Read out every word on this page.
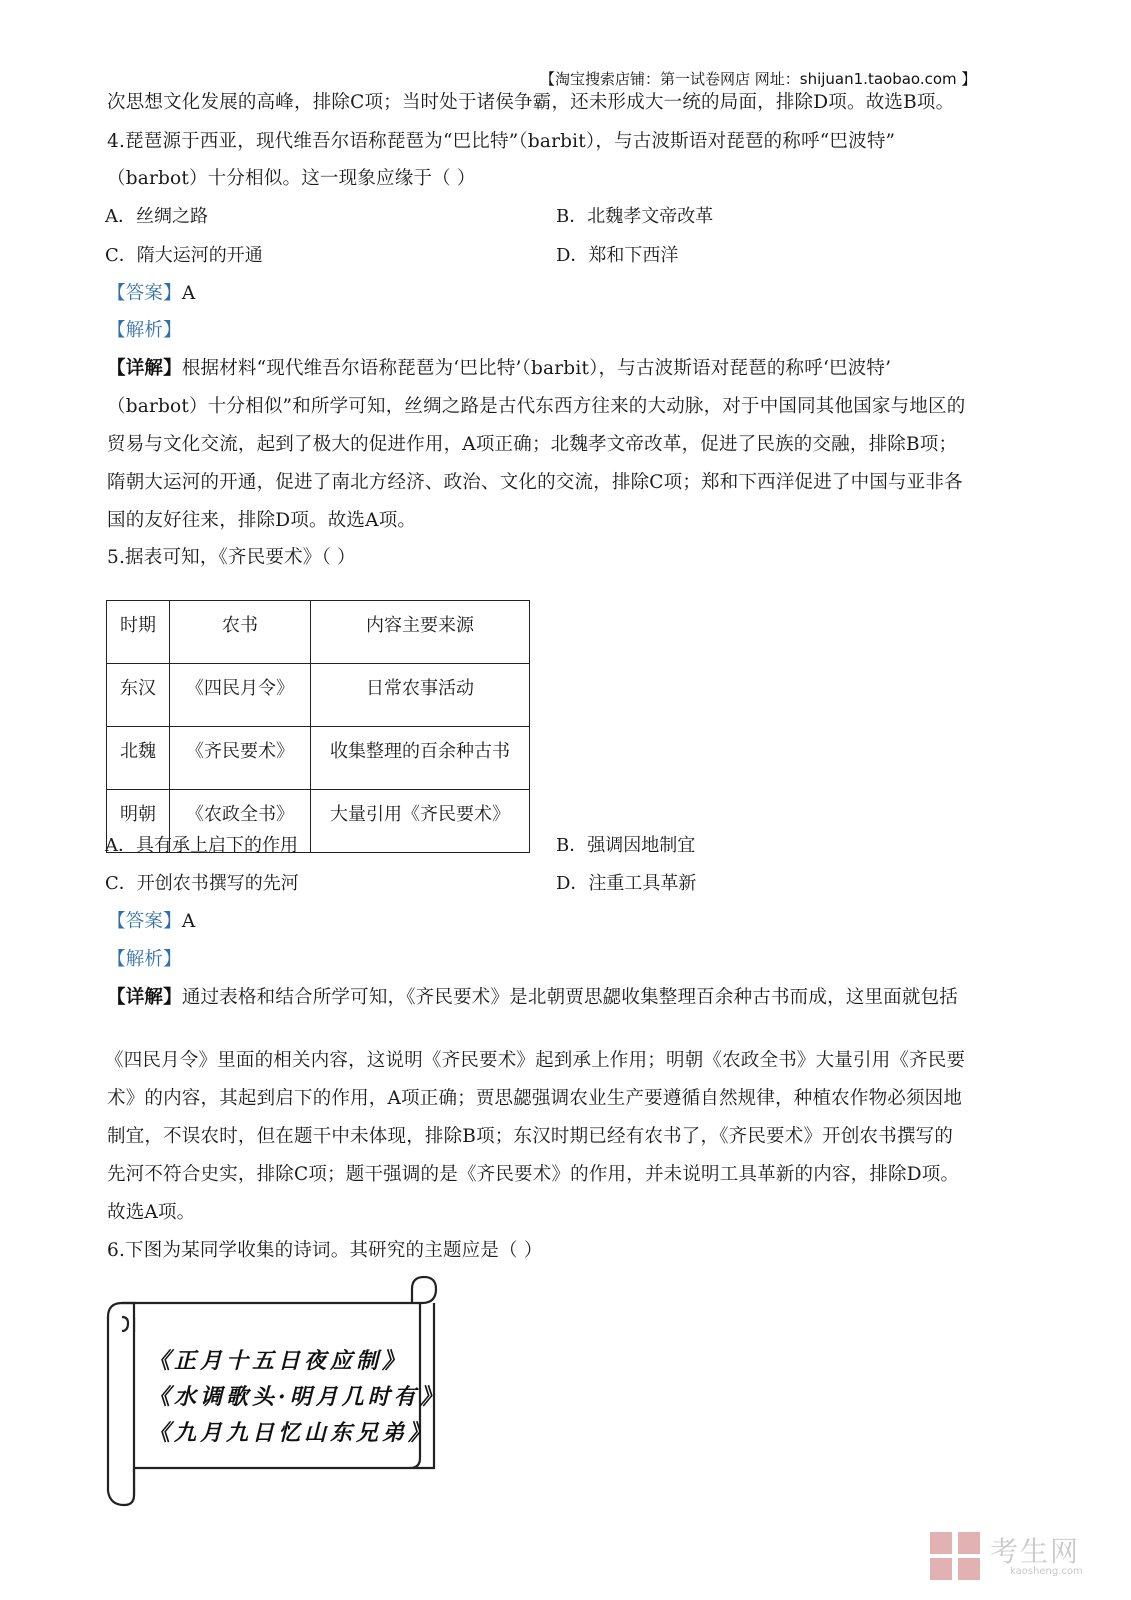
【淘宝搜索店铺：第一试卷网店 网址：shijuan1.taobao.com 】
次思想文化发展的高峰，排除C项；当时处于诸侯争霸，还未形成大一统的局面，排除D项。故选B项。
4.琵琶源于西亚，现代维吾尔语称琵琶为“巴比特”（barbit），与古波斯语对琵琶的称呼“巴波特”
（barbot）十分相似。这一现象应缘于（ ）
A．丝绸之路	B．北魏孝文帝改革
C．隋大运河的开通	D．郑和下西洋
【答案】A
【解析】
【详解】根据材料“现代维吾尔语称琵琶为‘巴比特’（barbit），与古波斯语对琵琶的称呼‘巴波特’
（barbot）十分相似”和所学可知，丝绸之路是古代东西方往来的大动脉，对于中国同其他国家与地区的
贸易与文化交流，起到了极大的促进作用，A项正确；北魏孝文帝改革，促进了民族的交融，排除B项；
隋朝大运河的开通，促进了南北方经济、政治、文化的交流，排除C项；郑和下西洋促进了中国与亚非各
国的友好往来，排除D项。故选A项。
5.据表可知，《齐民要术》（ ）
时期	农书	内容主要来源
东汉	《四民月令》	日常农事活动
北魏	《齐民要术》	收集整理的百余种古书
明朝	《农政全书》	大量引用《齐民要术》
A．具有承上启下的作用	B．强调因地制宜
C．开创农书撰写的先河	D．注重工具革新
【答案】A
【解析】
【详解】通过表格和结合所学可知，《齐民要术》是北朝贾思勰收集整理百余种古书而成，这里面就包括
《四民月令》里面的相关内容，这说明《齐民要术》起到承上作用；明朝《农政全书》大量引用《齐民要
术》的内容，其起到启下的作用，A项正确；贾思勰强调农业生产要遵循自然规律，种植农作物必须因地
制宜，不误农时，但在题干中未体现，排除B项；东汉时期已经有农书了，《齐民要术》开创农书撰写的
先河不符合史实，排除C项；题干强调的是《齐民要术》的作用，并未说明工具革新的内容，排除D项。
故选A项。
6.下图为某同学收集的诗词。其研究的主题应是（ ）
《正月十五日夜应制》
《水调歌头·明月几时有》
《九月九日忆山东兄弟》
考生网
kaosheng.com
